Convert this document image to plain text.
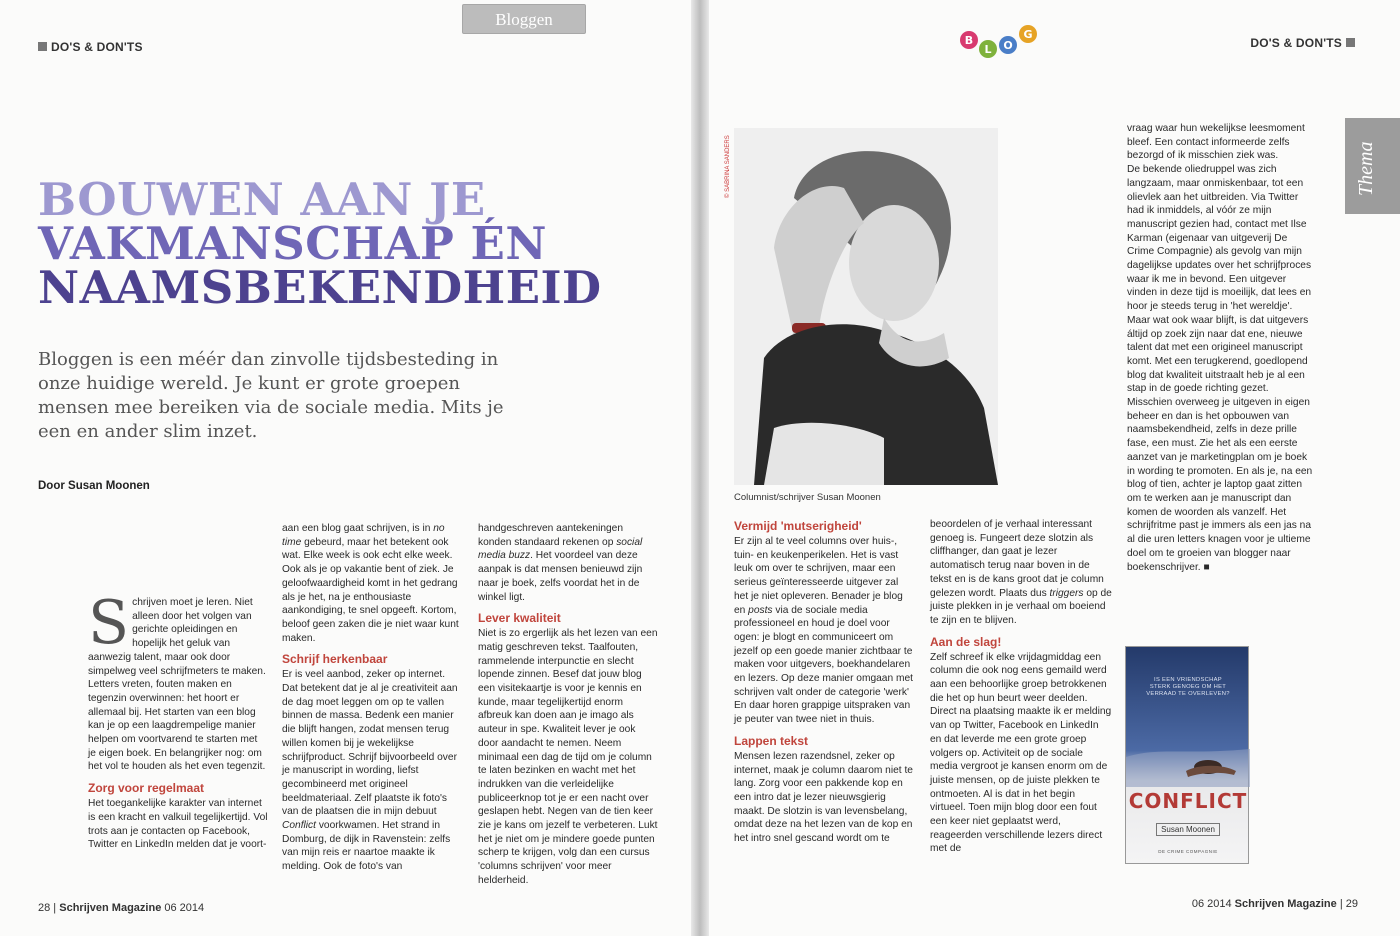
DO'S & DON'TS
Bloggen
BOUWEN AAN JE
VAKMANSCHAP ÉN
NAAMSBEKENDHEID

Bloggen is een méér dan zinvolle tijdsbesteding in onze huidige wereld. Je kunt er grote groepen mensen mee bereiken via de sociale media. Mits je een en ander slim inzet.

Door Susan Moonen

Schrijven moet je leren. Niet alleen door het volgen van gerichte opleidingen en hopelijk het geluk van aanwezig talent, maar ook door simpelweg veel schrijfmeters te maken. Letters vreten, fouten maken en tegenzin overwinnen: het hoort er allemaal bij. Het starten van een blog kan je op een laagdrempelige manier helpen om voortvarend te starten met je eigen boek. En belangrijker nog: om het vol te houden als het even tegenzit.

Zorg voor regelmaat

Het toegankelijke karakter van internet is een kracht en valkuil tegelijkertijd. Vol trots aan je contacten op Facebook, Twitter en LinkedIn melden dat je voort-

aan een blog gaat schrijven, is in no time gebeurd, maar het betekent ook wat. Elke week is ook echt elke week. Ook als je op vakantie bent of ziek. Je geloofwaardigheid komt in het gedrang als je het, na je enthousiaste aankondiging, te snel opgeeft. Kortom, beloof geen zaken die je niet waar kunt maken.

Schrijf herkenbaar

Er is veel aanbod, zeker op internet. Dat betekent dat je al je creativiteit aan de dag moet leggen om op te vallen binnen de massa. Bedenk een manier die blijft hangen, zodat mensen terug willen komen bij je wekelijkse schrijfproduct. Schrijf bijvoorbeeld over je manuscript in wording, liefst gecombineerd met origineel beeldmateriaal. Zelf plaatste ik foto's van de plaatsen die in mijn debuut Conflict voorkwamen. Het strand in Domburg, de dijk in Ravenstein: zelfs van mijn reis er naartoe maakte ik melding. Ook de foto's van

handgeschreven aantekeningen konden standaard rekenen op social media buzz. Het voordeel van deze aanpak is dat mensen benieuwd zijn naar je boek, zelfs voordat het in de winkel ligt.

Lever kwaliteit

Niet is zo ergerlijk als het lezen van een matig geschreven tekst. Taalfouten, rammelende interpunctie en slecht lopende zinnen. Besef dat jouw blog een visitekaartje is voor je kennis en kunde, maar tegelijkertijd enorm afbreuk kan doen aan je imago als auteur in spe. Kwaliteit lever je ook door aandacht te nemen. Neem minimaal een dag de tijd om je column te laten bezinken en wacht met het indrukken van die verleidelijke publiceerknop tot je er een nacht over geslapen hebt. Negen van de tien keer zie je kans om jezelf te verbeteren. Lukt het je niet om je mindere goede punten scherp te krijgen, volg dan een cursus 'columns schrijven' voor meer helderheid.

28 | Schrijven Magazine 06 2014
B
L O
G
DO'S & DON'TS
© SABRINA SANDERS
Columnist/schrijver Susan Moonen
Vermijd 'mutserigheid'

Er zijn al te veel columns over huis-, tuin- en keukenperikelen. Het is vast leuk om over te schrijven, maar een serieus geïnteresseerde uitgever zal het je niet opleveren. Benader je blog en posts via de sociale media professioneel en houd je doel voor ogen: je blogt en communiceert om jezelf op een goede manier zichtbaar te maken voor uitgevers, boekhandelaren en lezers. Op deze manier omgaan met schrijven valt onder de categorie 'werk' En daar horen grappige uitspraken van je peuter van twee niet in thuis.

Lappen tekst

Mensen lezen razendsnel, zeker op internet, maak je column daarom niet te lang. Zorg voor een pakkende kop en een intro dat je lezer nieuwsgierig maakt. De slotzin is van levensbelang, omdat deze na het lezen van de kop en het intro snel gescand wordt om te

beoordelen of je verhaal interessant genoeg is. Fungeert deze slotzin als cliffhanger, dan gaat je lezer automatisch terug naar boven in de tekst en is de kans groot dat je column gelezen wordt. Plaats dus triggers op de juiste plekken in je verhaal om boeiend te zijn en te blijven.

Aan de slag!

Zelf schreef ik elke vrijdagmiddag een column die ook nog eens gemaild werd aan een behoorlijke groep betrokkenen die het op hun beurt weer deelden. Direct na plaatsing maakte ik er melding van op Twitter, Facebook en LinkedIn en dat leverde me een grote groep volgers op. Activiteit op de sociale media vergroot je kansen enorm om de juiste mensen, op de juiste plekken te ontmoeten. Al is dat in het begin virtueel. Toen mijn blog door een fout een keer niet geplaatst werd, reageerden verschillende lezers direct met de

vraag waar hun wekelijkse leesmoment bleef. Een contact informeerde zelfs bezorgd of ik misschien ziek was.

De bekende oliedruppel was zich langzaam, maar onmiskenbaar, tot een olievlek aan het uitbreiden. Via Twitter had ik inmiddels, al vóór ze mijn manuscript gezien had, contact met Ilse Karman (eigenaar van uitgeverij De Crime Compagnie) als gevolg van mijn dagelijkse updates over het schrijfproces waar ik me in bevond. Een uitgever vinden in deze tijd is moeilijk, dat lees en hoor je steeds terug in 'het wereldje'. Maar wat ook waar blijft, is dat uitgevers áltijd op zoek zijn naar dat ene, nieuwe talent dat met een origineel manuscript komt. Met een terugkerend, goedlopend blog dat kwaliteit uitstraalt heb je al een stap in de goede richting gezet.

Misschien overweeg je uitgeven in eigen beheer en dan is het opbouwen van naamsbekendheid, zelfs in deze prille fase, een must. Zie het als een eerste aanzet van je marketingplan om je boek in wording te promoten. En als je, na een blog of tien, achter je laptop gaat zitten om te werken aan je manuscript dan komen de woorden als vanzelf. Het schrijfritme past je immers als een jas na al die uren letters knagen voor je ultieme doel om te groeien van blogger naar boekenschrijver. ■

Thema
IS EEN VRIENDSCHAP STERK GENOEG OM HET VERRAAD TE OVERLEVEN?
CONFLICT
Susan Moonen
DE CRIME COMPAGNIE
06 2014 Schrijven Magazine | 29
